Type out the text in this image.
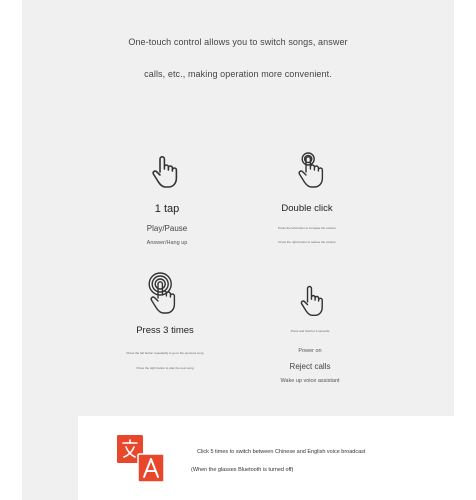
One-touch control allows you to switch songs, answer
calls, etc., making operation more convenient.
1 tap
Play/Pause
Answer/Hang up
Double click
Press the left button to increase the volume
Press the right button to reduce the volume
Press 3 times
Press the left button repeatedly to go to the previous song
Press the right button to play the next song
Press and hold for 4 seconds
Power on
Reject calls
Wake up voice assistant
Click 5 times to switch between Chinese and English voice broadcast
(When the glasses Bluetooth is turned off)
